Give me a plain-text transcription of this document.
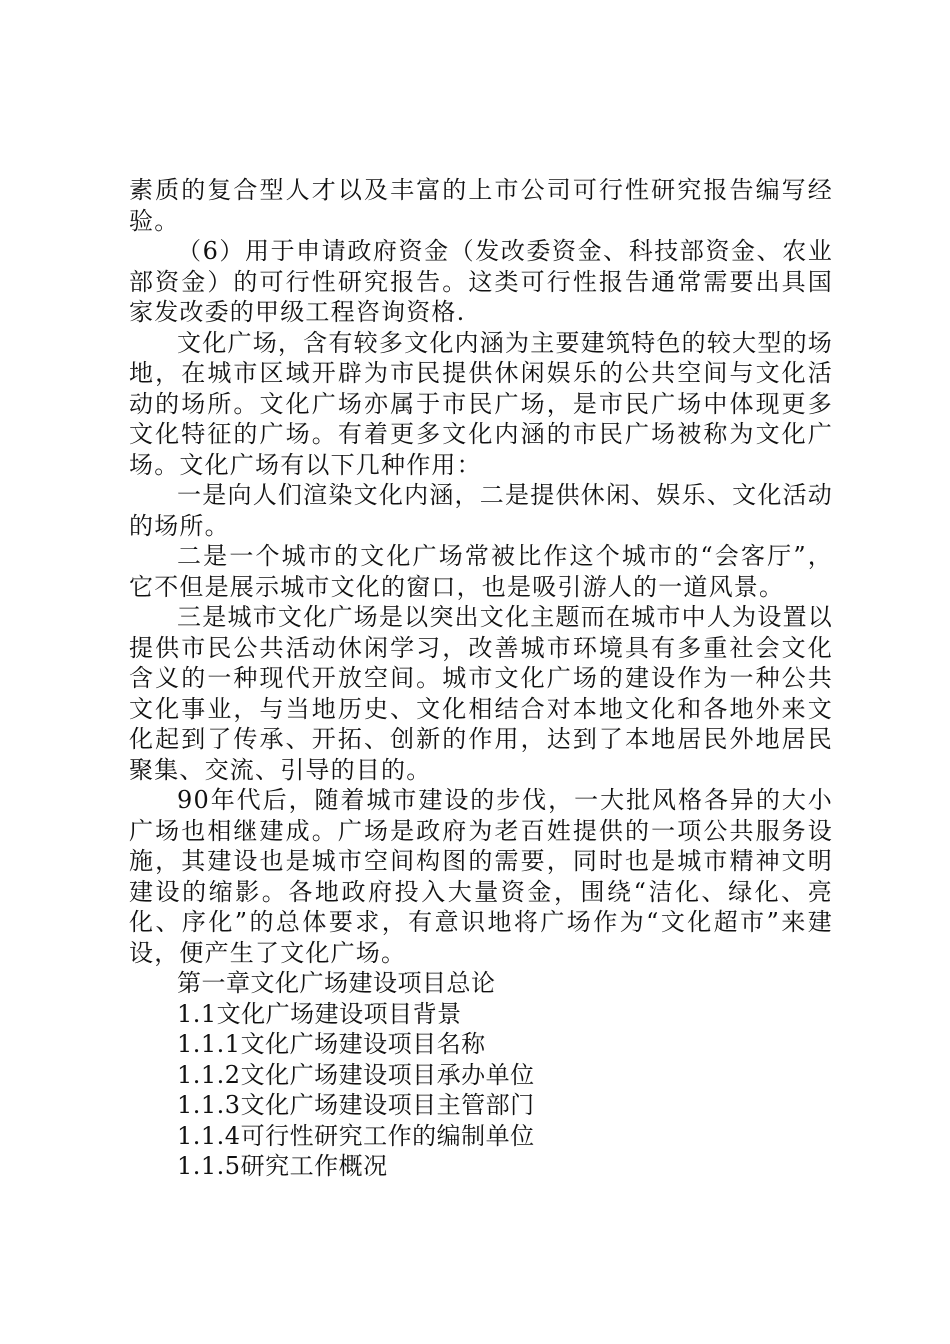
素质的复合型人才以及丰富的上市公司可行性研究报告编写经验。

（6）用于申请政府资金（发改委资金、科技部资金、农业部资金）的可行性研究报告。这类可行性报告通常需要出具国家发改委的甲级工程咨询资格.

文化广场，含有较多文化内涵为主要建筑特色的较大型的场地，在城市区域开辟为市民提供休闲娱乐的公共空间与文化活动的场所。文化广场亦属于市民广场，是市民广场中体现更多文化特征的广场。有着更多文化内涵的市民广场被称为文化广场。文化广场有以下几种作用：

一是向人们渲染文化内涵，二是提供休闲、娱乐、文化活动的场所。

二是一个城市的文化广场常被比作这个城市的“会客厅”，它不但是展示城市文化的窗口，也是吸引游人的一道风景。

三是城市文化广场是以突出文化主题而在城市中人为设置以提供市民公共活动休闲学习，改善城市环境具有多重社会文化含义的一种现代开放空间。城市文化广场的建设作为一种公共文化事业，与当地历史、文化相结合对本地文化和各地外来文化起到了传承、开拓、创新的作用，达到了本地居民外地居民聚集、交流、引导的目的。

90年代后，随着城市建设的步伐，一大批风格各异的大小广场也相继建成。广场是政府为老百姓提供的一项公共服务设施，其建设也是城市空间构图的需要，同时也是城市精神文明建设的缩影。各地政府投入大量资金，围绕“洁化、绿化、亮化、序化”的总体要求，有意识地将广场作为“文化超市”来建设，便产生了文化广场。

第一章文化广场建设项目总论

1.1文化广场建设项目背景

1.1.1文化广场建设项目名称

1.1.2文化广场建设项目承办单位

1.1.3文化广场建设项目主管部门

1.1.4可行性研究工作的编制单位

1.1.5研究工作概况
